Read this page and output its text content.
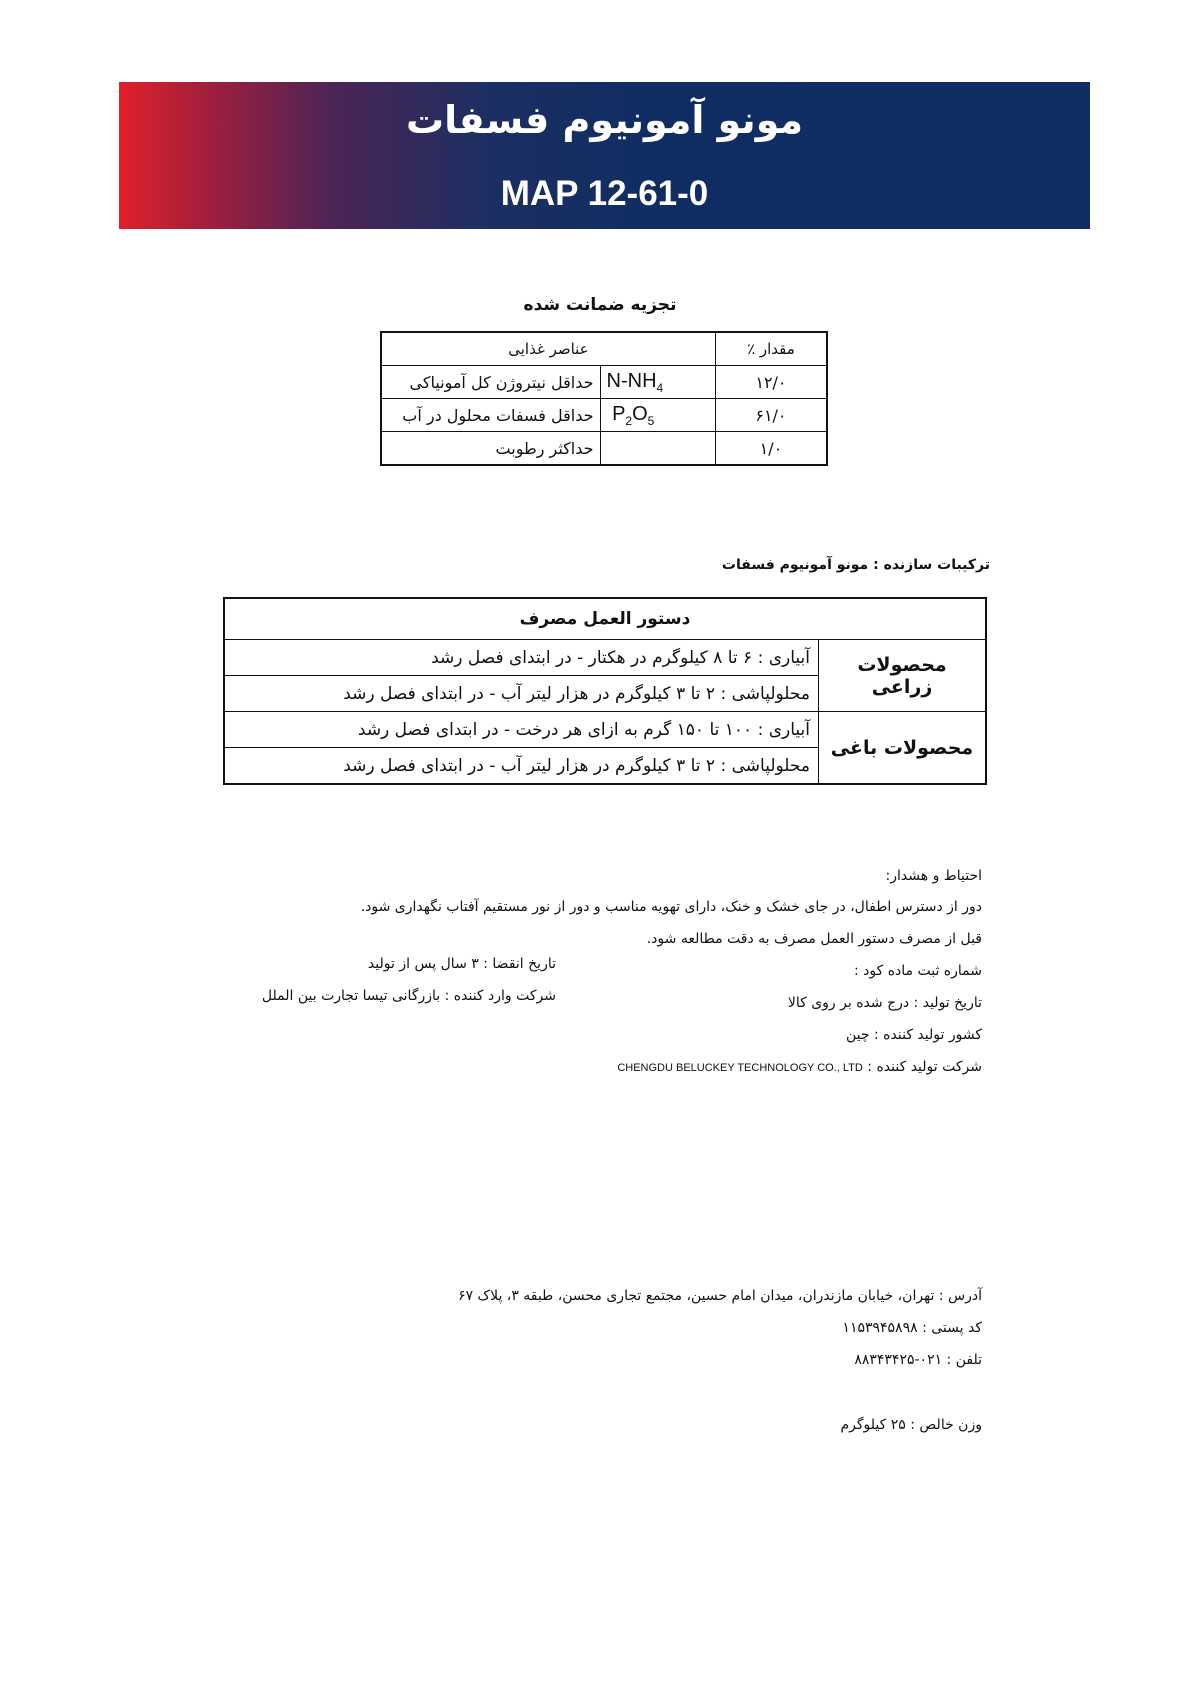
مونو آمونیوم فسفات
MAP 12-61-0
تجزیه ضمانت شده
عناصر غذایی		مقدار ٪
حداقل نیتروژن کل آمونیاکی	$N-NH_4$	۱۲/۰
حداقل فسفات محلول در آب	$P_2O_5$	۶۱/۰
حداکثر رطوبت		۱/۰
ترکیبات سازنده : مونو آمونیوم فسفات
دستور العمل مصرف	
آبیاری : ۶ تا ۸ کیلوگرم در هکتار - در ابتدای فصل رشد	محصولات زراعی
محلولپاشی : ۲ تا ۳ کیلوگرم در هزار لیتر آب - در ابتدای فصل رشد	
آبیاری : ۱۰۰ تا ۱۵۰ گرم به ازای هر درخت - در ابتدای فصل رشد	محصولات باغی
محلولپاشی : ۲ تا ۳ کیلوگرم در هزار لیتر آب - در ابتدای فصل رشد	
احتیاط و هشدار:
دور از دسترس اطفال، در جای خشک و خنک، دارای تهویه مناسب و دور از نور مستقیم آفتاب نگهداری شود.
قبل از مصرف دستور العمل مصرف به دقت مطالعه شود.
شماره ثبت ماده کود :
تاریخ تولید : درج شده بر روی کالا
کشور تولید کننده : چین
شرکت تولید کننده : CHENGDU BELUCKEY TECHNOLOGY CO., LTD
تاریخ انقضا : ۳ سال پس از تولید
شرکت وارد کننده : بازرگانی تیسا تجارت بین الملل
آدرس : تهران، خیابان مازندران، میدان امام حسین، مجتمع تجاری محسن، طبقه ۳، پلاک ۶۷
کد پستی : ۱۱۵۳۹۴۵۸۹۸
تلفن : ۰۲۱-۸۸۳۴۳۴۲۵
وزن خالص : ۲۵ کیلوگرم
